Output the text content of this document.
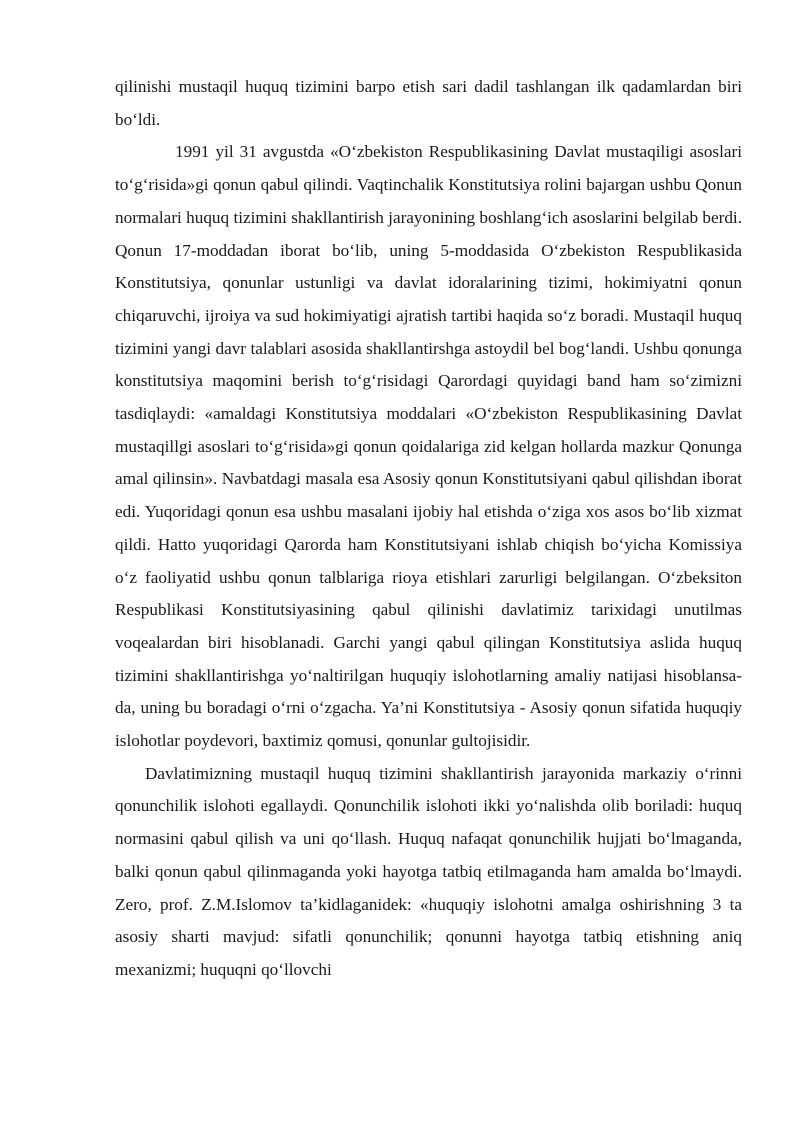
qilinishi mustaqil huquq tizimini barpo etish sari dadil tashlangan ilk qadamlardan biri bo‘ldi.

1991 yil 31 avgustda «O‘zbekiston Respublikasining Davlat mustaqiligi asoslari to‘g‘risida»gi qonun qabul qilindi. Vaqtinchalik Konstitutsiya rolini bajargan ushbu Qonun normalari huquq tizimini shakllantirish jarayonining boshlang‘ich asoslarini belgilab berdi. Qonun 17-moddadan iborat bo‘lib, uning 5-moddasida O‘zbekiston Respublikasida Konstitutsiya, qonunlar ustunligi va davlat idoralarining tizimi, hokimiyatni qonun chiqaruvchi, ijroiya va sud hokimiyatigi ajratish tartibi haqida so‘z boradi. Mustaqil huquq tizimini yangi davr talablari asosida shakllantirshga astoydil bel bog‘landi. Ushbu qonunga konstitutsiya maqomini berish to‘g‘risidagi Qarordagi quyidagi band ham so‘zimizni tasdiqlaydi: «amaldagi Konstitutsiya moddalari «O‘zbekiston Respublikasining Davlat mustaqillgi asoslari to‘g‘risida»gi qonun qoidalariga zid kelgan hollarda mazkur Qonunga amal qilinsin». Navbatdagi masala esa Asosiy qonun Konstitutsiyani qabul qilishdan iborat edi. Yuqoridagi qonun esa ushbu masalani ijobiy hal etishda o‘ziga xos asos bo‘lib xizmat qildi. Hatto yuqoridagi Qarorda ham Konstitutsiyani ishlab chiqish bo‘yicha Komissiya o‘z faoliyatid ushbu qonun talblariga rioya etishlari zarurligi belgilangan. O‘zbeksiton Respublikasi Konstitutsiyasining qabul qilinishi davlatimiz tarixidagi unutilmas voqealardan biri hisoblanadi. Garchi yangi qabul qilingan Konstitutsiya aslida huquq tizimini shakllantirishga yo‘naltirilgan huquqiy islohotlarning amaliy natijasi hisoblansa-da, uning bu boradagi o‘rni o‘zgacha. Ya’ni Konstitutsiya - Asosiy qonun sifatida huquqiy islohotlar poydevori, baxtimiz qomusi, qonunlar gultojisidir.

Davlatimizning mustaqil huquq tizimini shakllantirish jarayonida markaziy o‘rinni qonunchilik islohoti egallaydi. Qonunchilik islohoti ikki yo‘nalishda olib boriladi: huquq normasini qabul qilish va uni qo‘llash. Huquq nafaqat qonunchilik hujjati bo‘lmaganda, balki qonun qabul qilinmaganda yoki hayotga tatbiq etilmaganda ham amalda bo‘lmaydi. Zero, prof. Z.M.Islomov ta’kidlaganidek: «huquqiy islohotni amalga oshirishning 3 ta asosiy sharti mavjud: sifatli qonunchilik; qonunni hayotga tatbiq etishning aniq mexanizmi; huquqni qo‘llovchi
